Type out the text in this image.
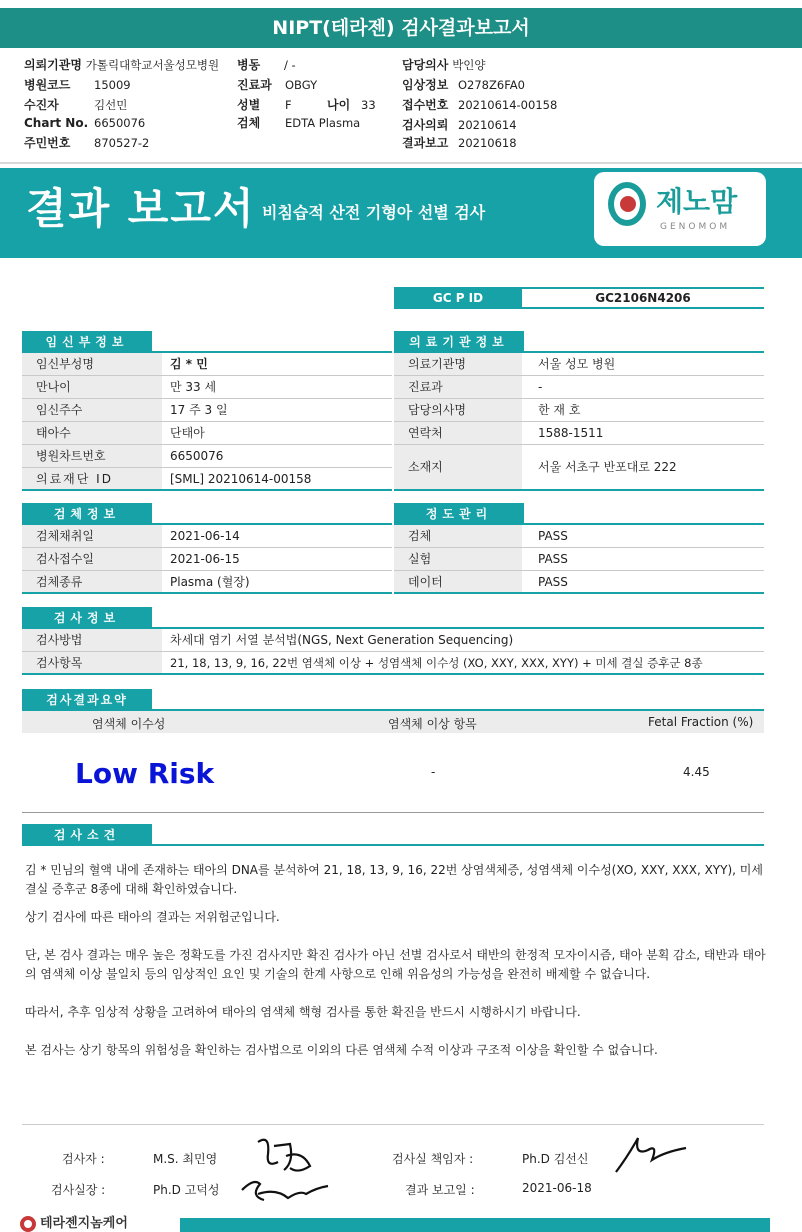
NIPT(테라젠) 검사결과보고서
의뢰기관명 가톨릭대학교서울성모병원 병동 / -	담당의사 박인양
병원코드 15009	진료과 OBGY	임상정보 O278Z6FA0
수진자	김선민	성별 F	나이 33 접수번호 20210614-00158
Chart No. 6650076	검체 EDTA Plasma	검사의뢰 20210614
주민번호 870527-2	결과보고 20210618
결과 보고서 비침습적 산전 기형아 선별 검사	제노맘
GENOMOM
GC P ID	GC2106N4206
임신부정보
임신부성명	김 * 민
만나이	만 33 세
임신주수	17 주 3 일
태아수	단태아
병원차트번호	6650076
의료재단 ID	[SML] 20210614-00158
의료기관정보
의료기관명	서울 성모 병원
진료과	-
담당의사명	한 재 호
연락처	1588-1511
소재지	서울 서초구 반포대로 222
검체정보
검체채취일	2021-06-14
검사접수일	2021-06-15
검체종류	Plasma (혈장)
정도관리
검체	PASS
실험	PASS
데이터	PASS
검사정보
검사방법	차세대 염기 서열 분석법(NGS, Next Generation Sequencing)
검사항목	21, 18, 13, 9, 16, 22번 염색체 이상 + 성염색체 이수성 (XO, XXY, XXX, XYY) + 미세 결실 증후군 8종
검사결과요약
염색체 이수성	염색체 이상 항목	Fetal Fraction (%)
Low Risk	-	4.45
검사소견
김 * 민님의 혈액 내에 존재하는 태아의 DNA를 분석하여 21, 18, 13, 9, 16, 22번 상염색체증, 성염색체 이수성(XO, XXY, XXX, XYY), 미세 결실 증후군 8종에 대해 확인하였습니다.
상기 검사에 따른 태아의 결과는 저위험군입니다.
단, 본 검사 결과는 매우 높은 정확도를 가진 검사지만 확진 검사가 아닌 선별 검사로서 태반의 한정적 모자이시즘, 태아 분획 감소, 태반과 태아의 염색체 이상 불일치 등의 임상적인 요인 및 기술의 한계 사항으로 인해 위음성의 가능성을 완전히 배제할 수 없습니다.
따라서, 추후 임상적 상황을 고려하여 태아의 염색체 핵형 검사를 통한 확진을 반드시 시행하시기 바랍니다.
본 검사는 상기 항목의 위험성을 확인하는 검사법으로 이외의 다른 염색체 수적 이상과 구조적 이상을 확인할 수 없습니다.
검사자 :	M.S. 최민영	검사실 책임자 :	Ph.D 김선신
검사실장 :	Ph.D 고덕성	결과 보고일 :	2021-06-18
테라젠지놈케어
